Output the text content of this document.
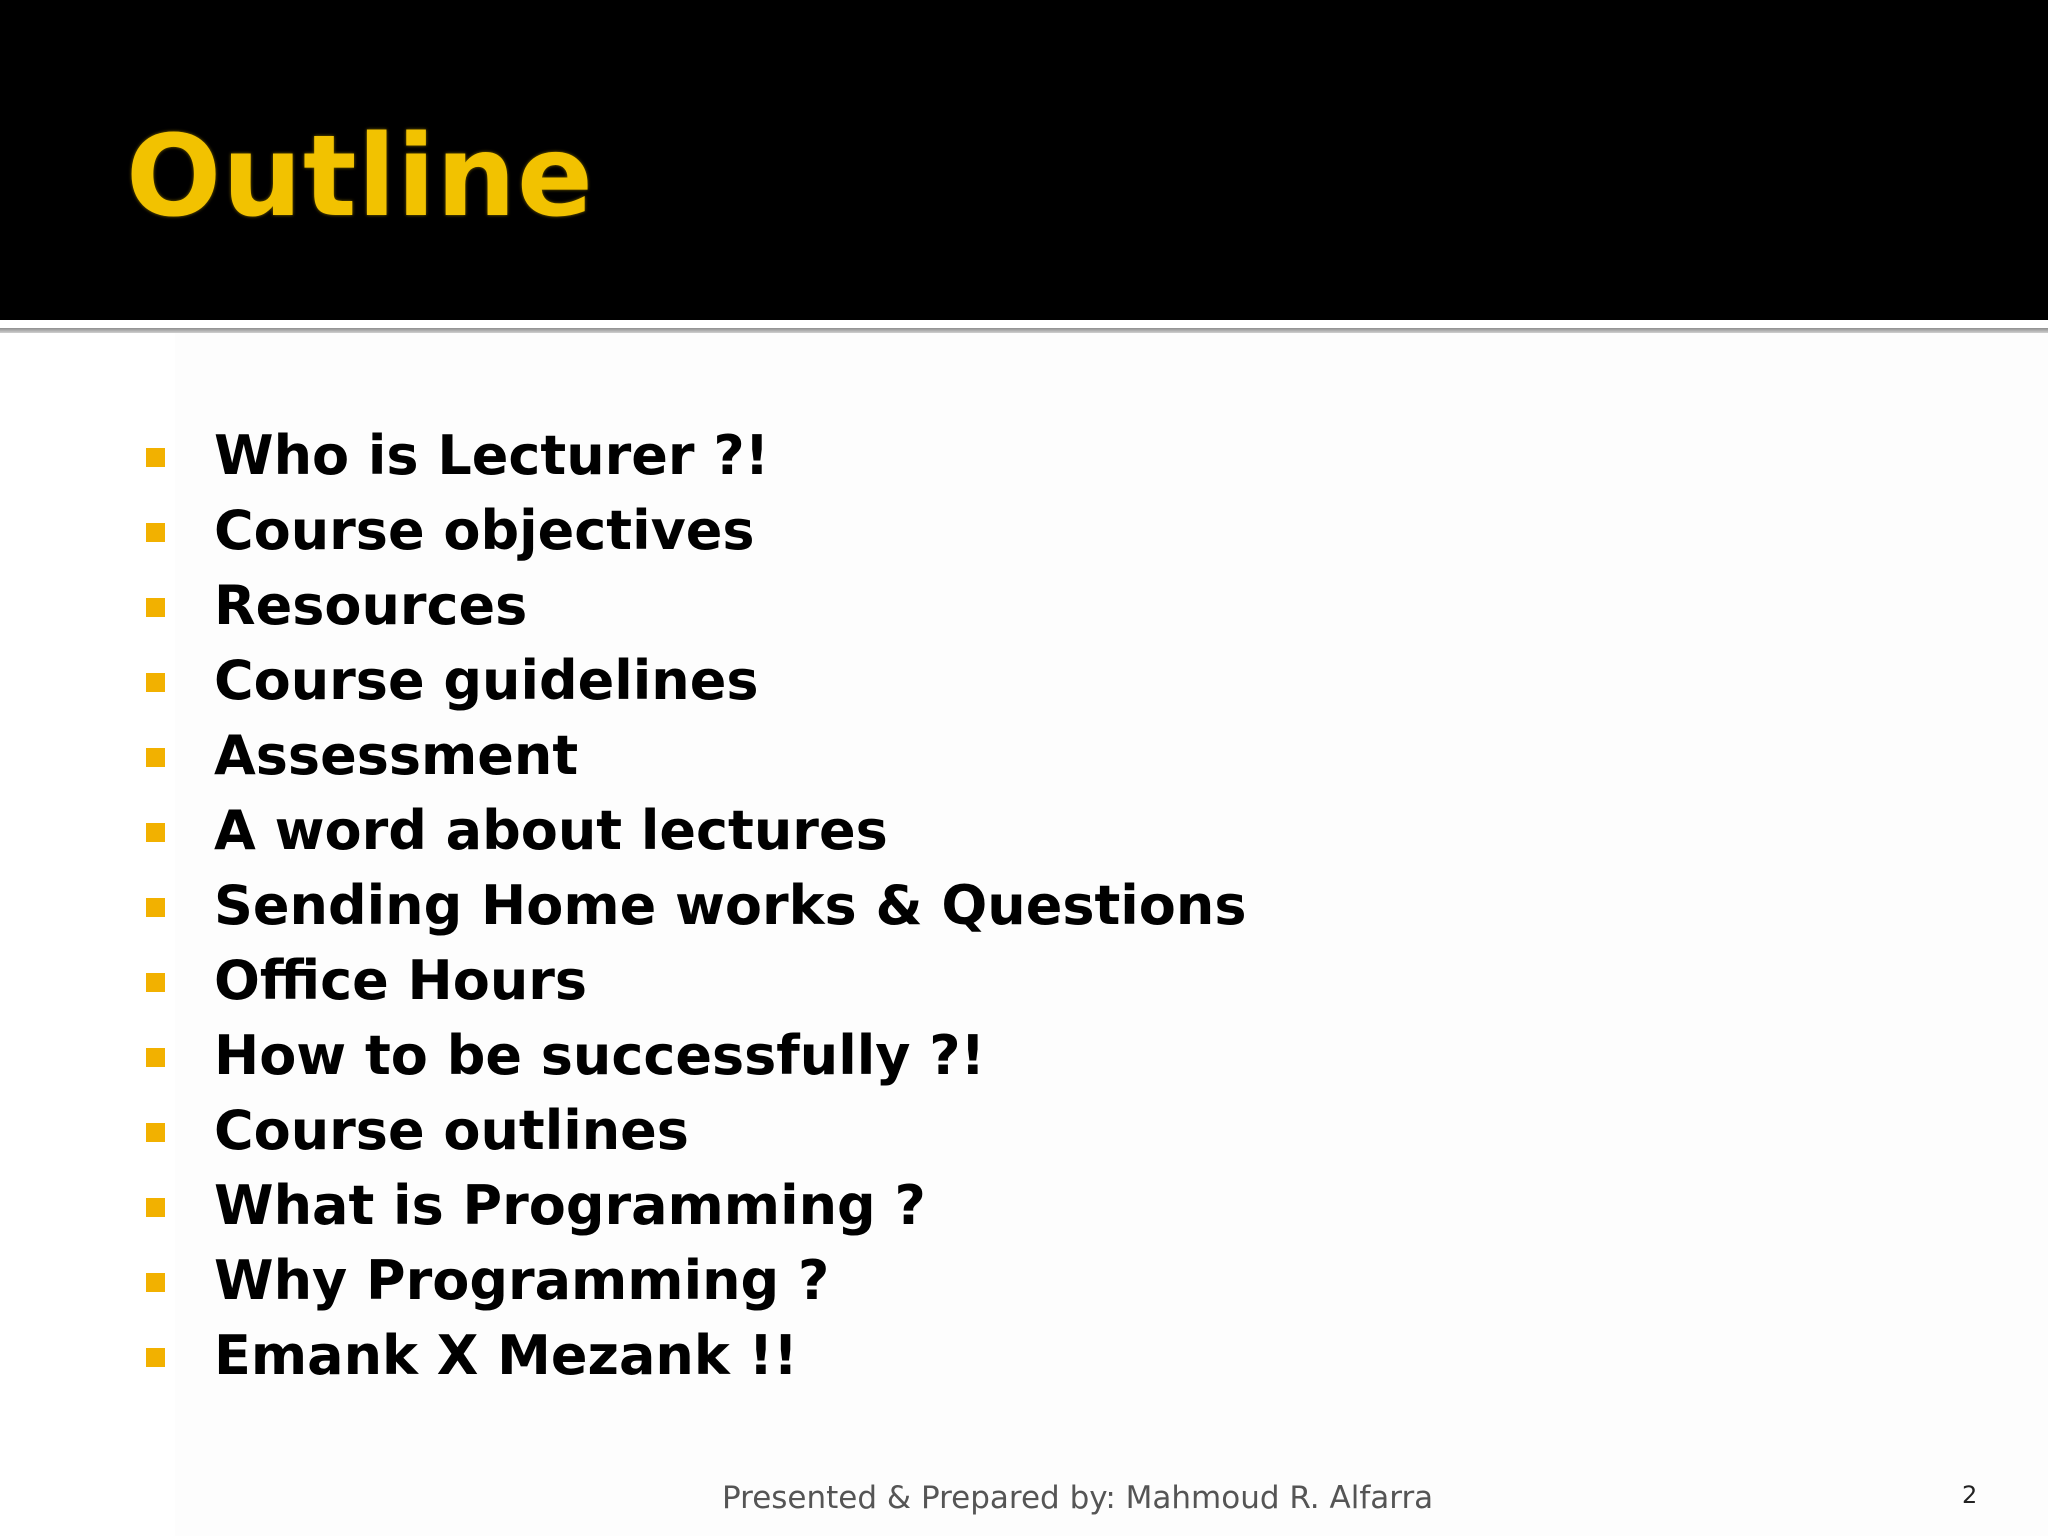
Outline
Who is Lecturer ?!
Course objectives
Resources
Course guidelines
Assessment
A word about lectures
Sending Home works & Questions
Office Hours
How to be successfully ?!
Course outlines
What is Programming ?
Why Programming ?
Emank X Mezank !!
Presented & Prepared by: Mahmoud R. Alfarra	2
